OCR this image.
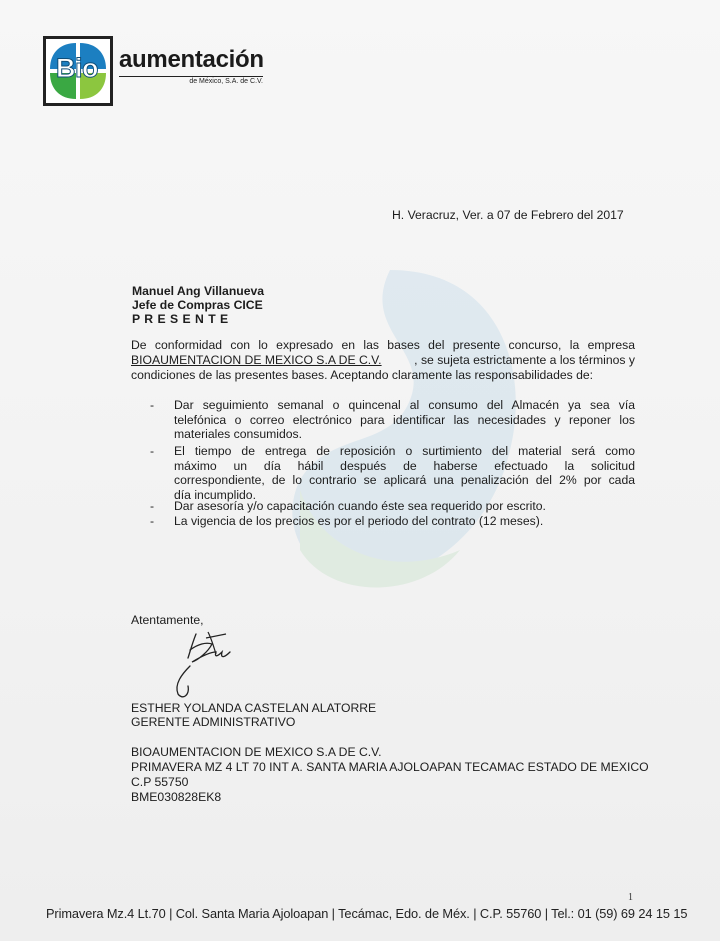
Bio aumentación
de México, S.A. de C.V.
H. Veracruz, Ver. a 07 de Febrero del 2017
Manuel Ang Villanueva
Jefe de Compras CICE
P R E S E N T E
De conformidad con lo expresado en las bases del presente concurso, la empresa
BIOAUMENTACION DE MEXICO S.A DE C.V.	, se sujeta estrictamente a los términos y
condiciones de las presentes bases. Aceptando claramente las responsabilidades de:
- Dar seguimiento semanal o quincenal al consumo del Almacén ya sea vía
telefónica o correo electrónico para identificar las necesidades y reponer los
materiales consumidos.
- El tiempo de entrega de reposición o surtimiento del material será como
máximo un día hábil después de haberse efectuado la solicitud
correspondiente, de lo contrario se aplicará una penalización del 2% por cada
día incumplido.
- Dar asesoría y/o capacitación cuando éste sea requerido por escrito.
- La vigencia de los precios es por el periodo del contrato (12 meses).
Atentamente,
ESTHER YOLANDA CASTELAN ALATORRE
GERENTE ADMINISTRATIVO
BIOAUMENTACION DE MEXICO S.A DE C.V.
PRIMAVERA MZ 4 LT 70 INT A. SANTA MARIA AJOLOAPAN TECAMAC ESTADO DE MEXICO
C.P 55750
BME030828EK8
1
Primavera Mz.4 Lt.70 | Col. Santa Maria Ajoloapan | Tecámac, Edo. de Méx. | C.P. 55760 | Tel.: 01 (59) 69 24 15 15
